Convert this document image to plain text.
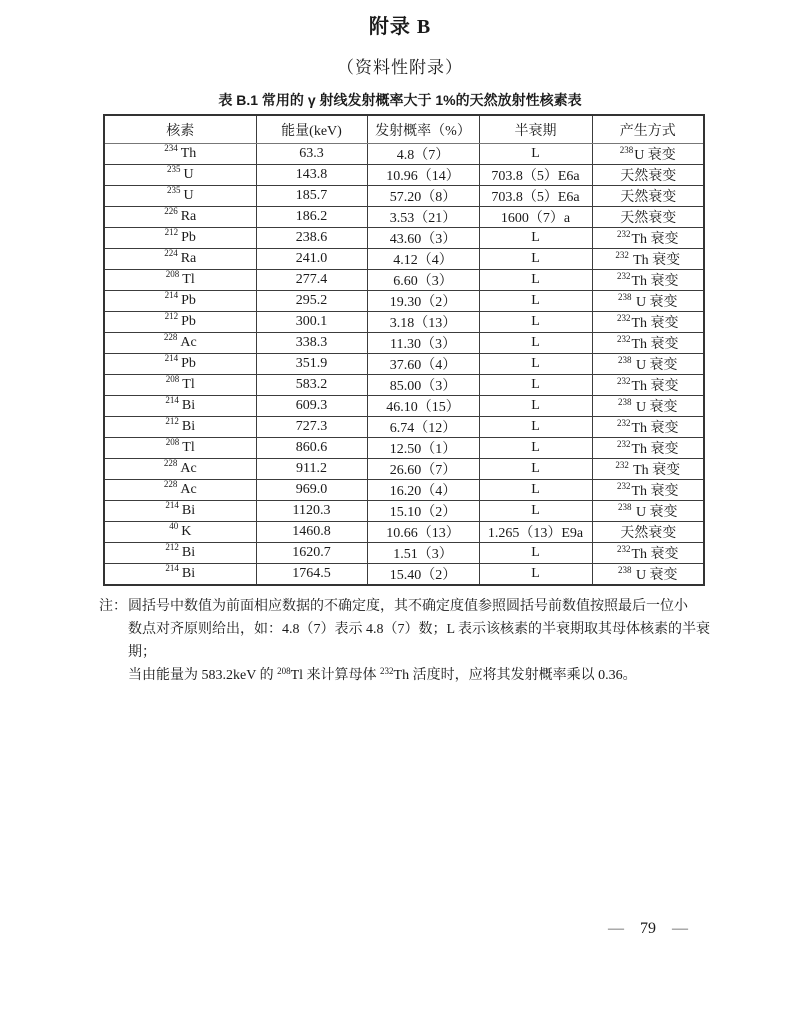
附录 B
（资料性附录）
表 B.1 常用的 γ 射线发射概率大于 1%的天然放射性核素表
核素	能量(keV)	发射概率（%）	半衰期	产生方式
$^{234}$ Th	63.3	4.8（7）	L	$^{238}$U 衰变
$^{235}$ U	143.8	10.96（14）	703.8（5）E6a	天然衰变
$^{235}$ U	185.7	57.20（8）	703.8（5）E6a	天然衰变
$^{226}$ Ra	186.2	3.53（21）	1600（7）a	天然衰变
$^{212}$ Pb	238.6	43.60（3）	L	$^{232}$Th 衰变
$^{224}$ Ra	241.0	4.12（4）	L	$^{232}$ Th 衰变
$^{208}$ Tl	277.4	6.60（3）	L	$^{232}$Th 衰变
$^{214}$ Pb	295.2	19.30（2）	L	$^{238}$ U 衰变
$^{212}$ Pb	300.1	3.18（13）	L	$^{232}$Th 衰变
$^{228}$ Ac	338.3	11.30（3）	L	$^{232}$Th 衰变
$^{214}$ Pb	351.9	37.60（4）	L	$^{238}$ U 衰变
$^{208}$ Tl	583.2	85.00（3）	L	$^{232}$Th 衰变
$^{214}$ Bi	609.3	46.10（15）	L	$^{238}$ U 衰变
$^{212}$ Bi	727.3	6.74（12）	L	$^{232}$Th 衰变
$^{208}$ Tl	860.6	12.50（1）	L	$^{232}$Th 衰变
$^{228}$ Ac	911.2	26.60（7）	L	$^{232}$ Th 衰变
$^{228}$ Ac	969.0	16.20（4）	L	$^{232}$Th 衰变
$^{214}$ Bi	1120.3	15.10（2）	L	$^{238}$ U 衰变
$^{40}$ K	1460.8	10.66（13）	1.265（13）E9a	天然衰变
$^{212}$ Bi	1620.7	1.51（3）	L	$^{232}$Th 衰变
$^{214}$ Bi	1764.5	15.40（2）	L	$^{238}$ U 衰变
注： 圆括号中数值为前面相应数据的不确定度，其不确定度值参照圆括号前数值按照最后一位小
数点对齐原则给出，如：4.8（7）表示 4.8（7）数；L 表示该核素的半衰期取其母体核素的半衰期；
当由能量为 583.2keV 的 $^{208}$Tl 来计算母体 $^{232}$Th 活度时，应将其发射概率乘以 0.36。
— 79 —
